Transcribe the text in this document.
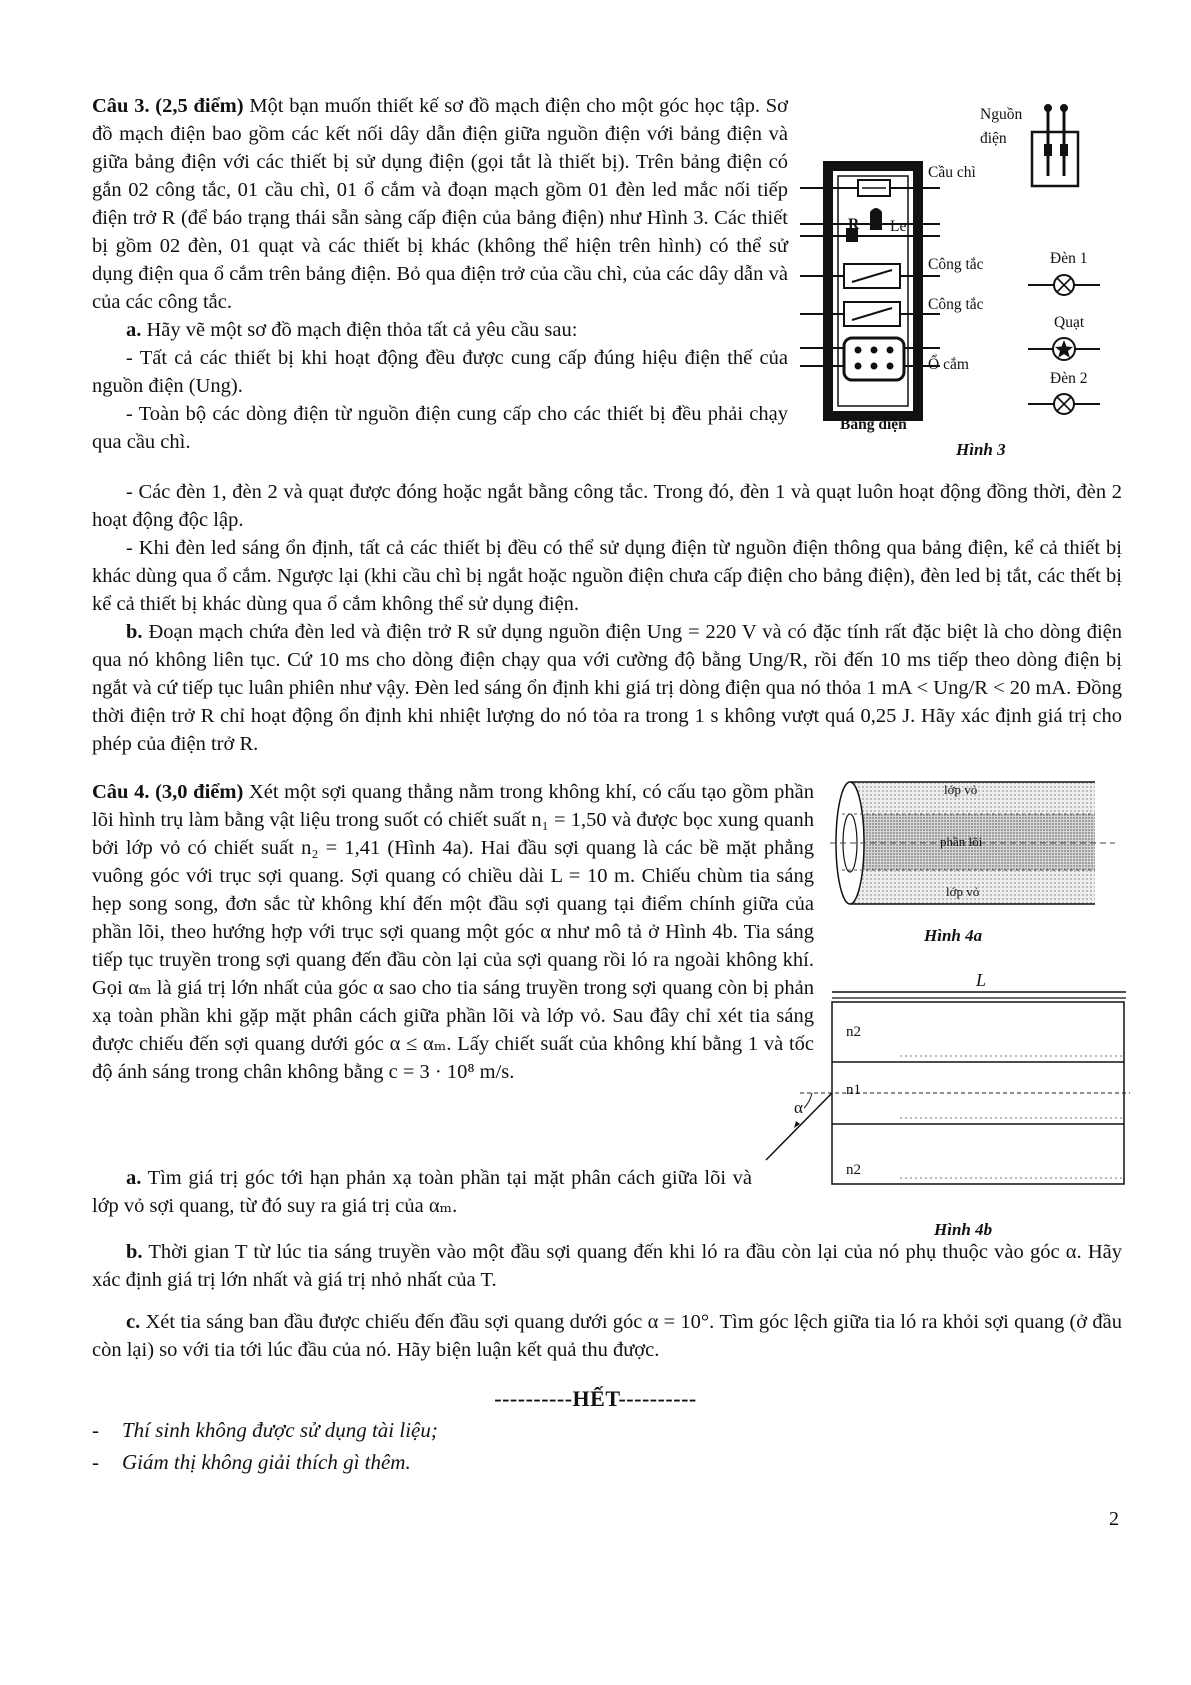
Câu 3. (2,5 điểm) Một bạn muốn thiết kế sơ đồ mạch điện cho một góc học tập. Sơ đồ mạch điện bao gồm các kết nối dây dẫn điện giữa nguồn điện với bảng điện và giữa bảng điện với các thiết bị sử dụng điện (gọi tắt là thiết bị). Trên bảng điện có gắn 02 công tắc, 01 cầu chì, 01 ổ cắm và đoạn mạch gồm 01 đèn led mắc nối tiếp điện trở R (để báo trạng thái sẵn sàng cấp điện của bảng điện) như Hình 3. Các thiết bị gồm 02 đèn, 01 quạt và các thiết bị khác (không thể hiện trên hình) có thể sử dụng điện qua ổ cắm trên bảng điện. Bỏ qua điện trở của cầu chì, của các dây dẫn và của các công tắc.
a. Hãy vẽ một sơ đồ mạch điện thỏa tất cả yêu cầu sau:
- Tất cả các thiết bị khi hoạt động đều được cung cấp đúng hiệu điện thế của nguồn điện (Ung).
- Toàn bộ các dòng điện từ nguồn điện cung cấp cho các thiết bị đều phải chạy qua cầu chì.
- Các đèn 1, đèn 2 và quạt được đóng hoặc ngắt bằng công tắc. Trong đó, đèn 1 và quạt luôn hoạt động đồng thời, đèn 2 hoạt động độc lập.
- Khi đèn led sáng ổn định, tất cả các thiết bị đều có thể sử dụng điện từ nguồn điện thông qua bảng điện, kể cả thiết bị khác dùng qua ổ cắm. Ngược lại (khi cầu chì bị ngắt hoặc nguồn điện chưa cấp điện cho bảng điện), đèn led bị tắt, các thết bị kể cả thiết bị khác dùng qua ổ cắm không thể sử dụng điện.
b. Đoạn mạch chứa đèn led và điện trở R sử dụng nguồn điện Ung = 220 V và có đặc tính rất đặc biệt là cho dòng điện qua nó không liên tục. Cứ 10 ms cho dòng điện chạy qua với cường độ bằng Ung/R, rồi đến 10 ms tiếp theo dòng điện bị ngắt và cứ tiếp tục luân phiên như vậy. Đèn led sáng ổn định khi giá trị dòng điện qua nó thỏa 1 mA < Ung/R < 20 mA. Đồng thời điện trở R chỉ hoạt động ổn định khi nhiệt lượng do nó tỏa ra trong 1 s không vượt quá 0,25 J. Hãy xác định giá trị cho phép của điện trở R.
Nguồn
điện
Cầu chì
R Le
Công tắc
Công tắc
Ổ cắm
Bảng điện
Đèn 1
Quạt
Đèn 2
Hình 3
Câu 4. (3,0 điểm) Xét một sợi quang thẳng nằm trong không khí, có cấu tạo gồm phần lõi hình trụ làm bằng vật liệu trong suốt có chiết suất n₁ = 1,50 và được bọc xung quanh bởi lớp vỏ có chiết suất n₂ = 1,41 (Hình 4a). Hai đầu sợi quang là các bề mặt phẳng vuông góc với trục sợi quang. Sợi quang có chiều dài L = 10 m. Chiếu chùm tia sáng hẹp song song, đơn sắc từ không khí đến một đầu sợi quang tại điểm chính giữa của phần lõi, theo hướng hợp với trục sợi quang một góc α như mô tả ở Hình 4b. Tia sáng tiếp tục truyền trong sợi quang đến đầu còn lại của sợi quang rồi ló ra ngoài không khí. Gọi αₘ là giá trị lớn nhất của góc α sao cho tia sáng truyền trong sợi quang còn bị phản xạ toàn phần khi gặp mặt phân cách giữa phần lõi và lớp vỏ. Sau đây chỉ xét tia sáng được chiếu đến sợi quang dưới góc α ≤ αₘ. Lấy chiết suất của không khí bằng 1 và tốc độ ánh sáng trong chân không bằng c = 3 · 10⁸ m/s.
a. Tìm giá trị góc tới hạn phản xạ toàn phần tại mặt phân cách giữa lõi và lớp vỏ sợi quang, từ đó suy ra giá trị của αₘ.
b. Thời gian T từ lúc tia sáng truyền vào một đầu sợi quang đến khi ló ra đầu còn lại của nó phụ thuộc vào góc α. Hãy xác định giá trị lớn nhất và giá trị nhỏ nhất của T.
c. Xét tia sáng ban đầu được chiếu đến đầu sợi quang dưới góc α = 10°. Tìm góc lệch giữa tia ló ra khỏi sợi quang (ở đầu còn lại) so với tia tới lúc đầu của nó. Hãy biện luận kết quả thu được.
lớp vỏ
phần lõi
lớp vỏ
Hình 4a
L
n2
n1
n2
α
Hình 4b
----------HẾT----------
- Thí sinh không được sử dụng tài liệu;
- Giám thị không giải thích gì thêm.
2
